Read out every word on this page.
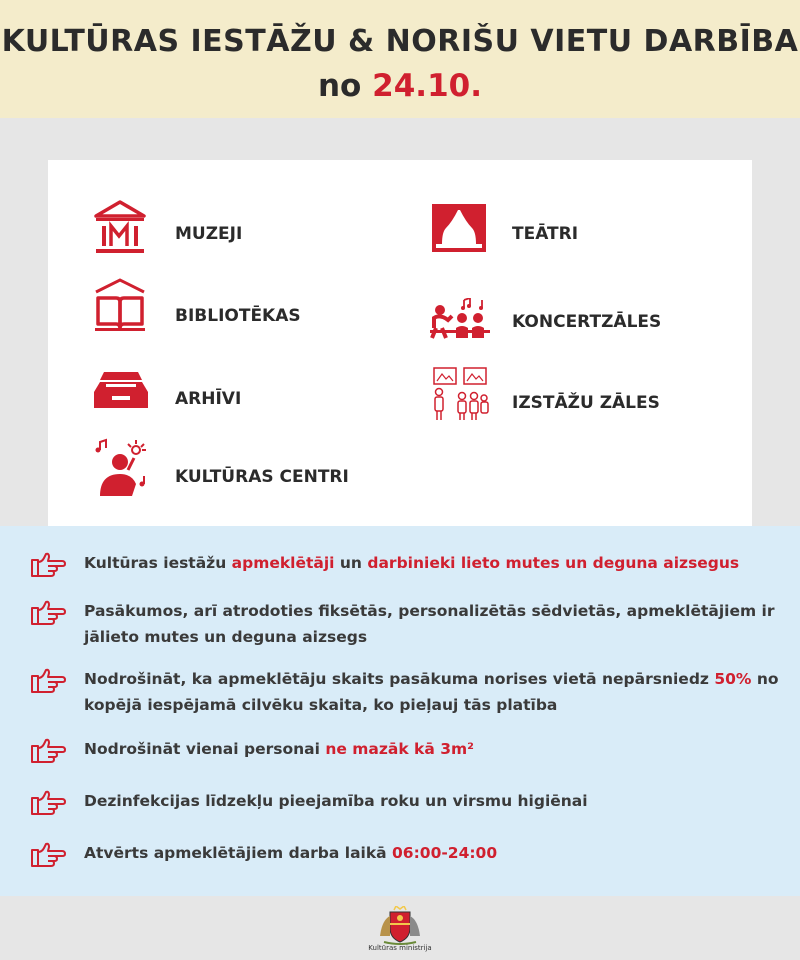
KULTŪRAS IESTĀŽU & NORIŠU VIETU DARBĪBA
no 24.10.
MUZEJI
BIBLIOTĒKAS
ARHĪVI
KULTŪRAS CENTRI
TEĀTRI
KONCERTZĀLES
IZSTĀŽU ZĀLES
Kultūras iestāžu apmeklētāji un darbinieki lieto mutes un deguna aizsegus
Pasākumos, arī atrodoties fiksētās, personalizētās sēdvietās, apmeklētājiem ir jālieto mutes un deguna aizsegs
Nodrošināt, ka apmeklētāju skaits pasākuma norises vietā nepārsniedz 50% no kopējā iespējamā cilvēku skaita, ko pieļauj tās platība
Nodrošināt vienai personai ne mazāk kā 3m²
Dezinfekcijas līdzekļu pieejamība roku un virsmu higiēnai
Atvērts apmeklētājiem darba laikā 06:00-24:00
Kultūras ministrija
